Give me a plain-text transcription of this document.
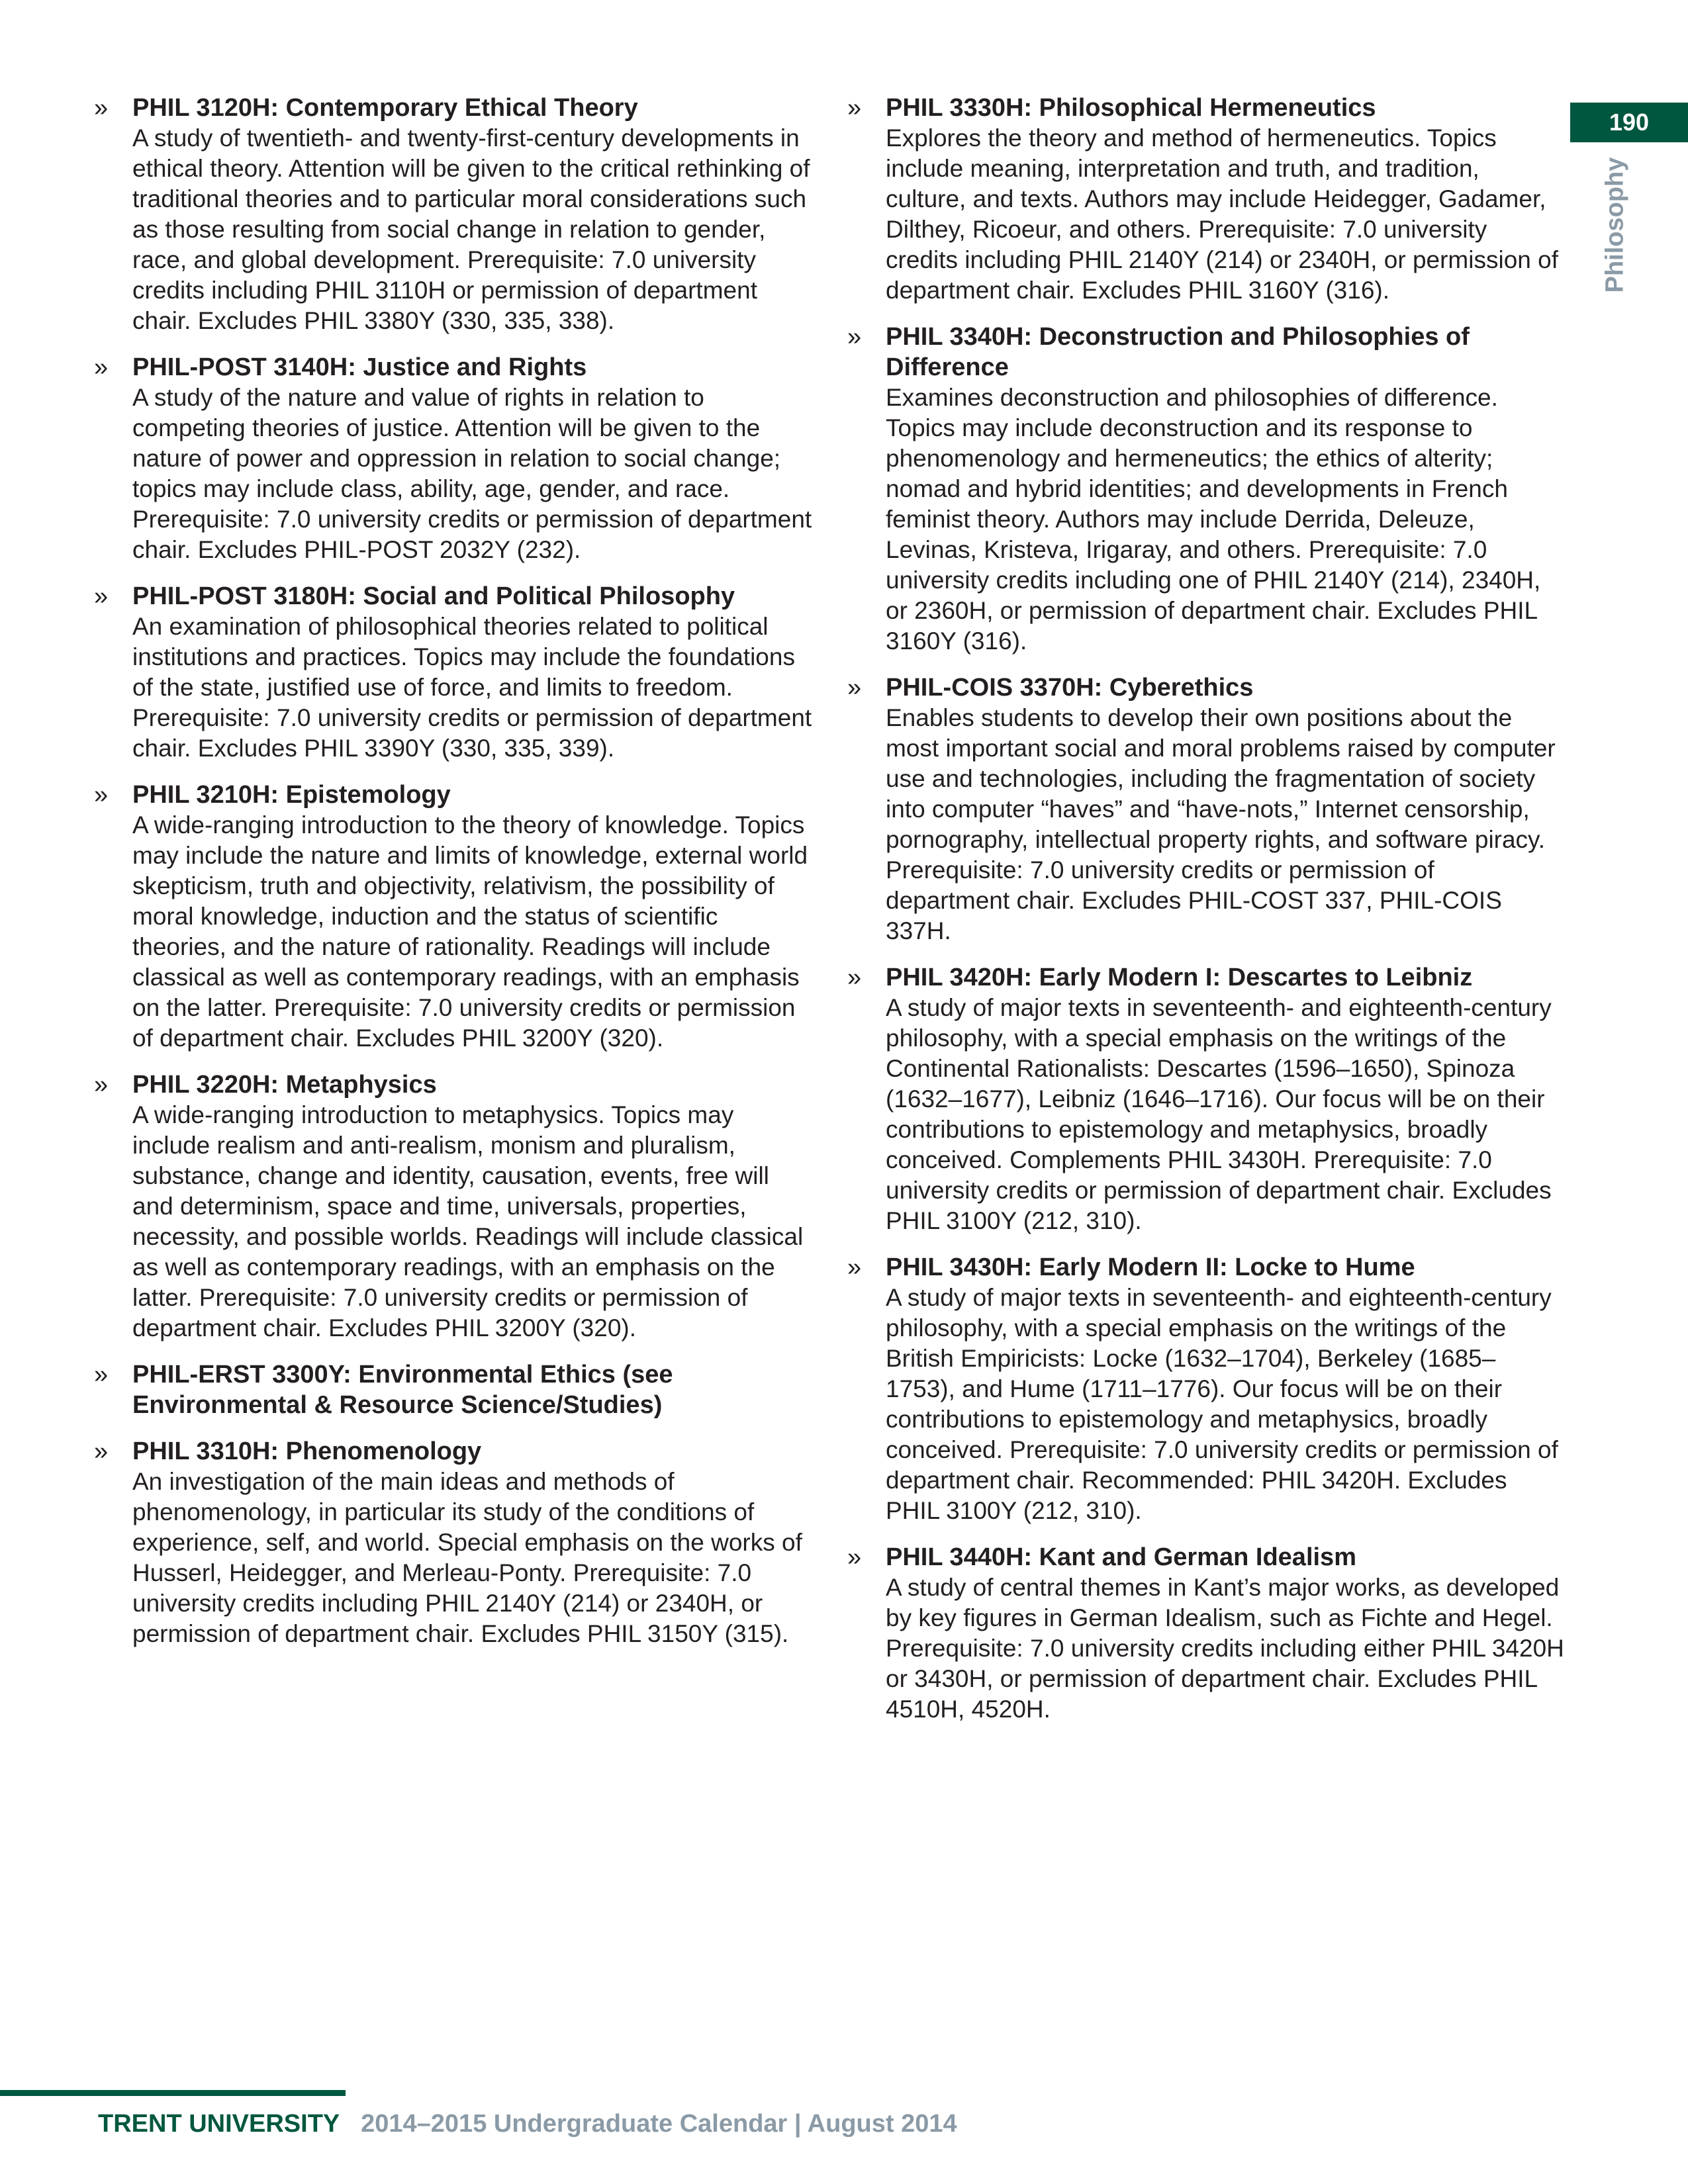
190
Philosophy
» PHIL 3120H: Contemporary Ethical Theory
A study of twentieth- and twenty-first-century developments in ethical theory. Attention will be given to the critical rethinking of traditional theories and to particular moral considerations such as those resulting from social change in relation to gender, race, and global development. Prerequisite: 7.0 university credits including PHIL 3110H or permission of department chair. Excludes PHIL 3380Y (330, 335, 338).
» PHIL-POST 3140H: Justice and Rights
A study of the nature and value of rights in relation to competing theories of justice. Attention will be given to the nature of power and oppression in relation to social change; topics may include class, ability, age, gender, and race. Prerequisite: 7.0 university credits or permission of department chair. Excludes PHIL-POST 2032Y (232).
» PHIL-POST 3180H: Social and Political Philosophy
An examination of philosophical theories related to political institutions and practices. Topics may include the foundations of the state, justified use of force, and limits to freedom. Prerequisite: 7.0 university credits or permission of department chair. Excludes PHIL 3390Y (330, 335, 339).
» PHIL 3210H: Epistemology
A wide-ranging introduction to the theory of knowledge. Topics may include the nature and limits of knowledge, external world skepticism, truth and objectivity, relativism, the possibility of moral knowledge, induction and the status of scientific theories, and the nature of rationality. Readings will include classical as well as contemporary readings, with an emphasis on the latter. Prerequisite: 7.0 university credits or permission of department chair. Excludes PHIL 3200Y (320).
» PHIL 3220H: Metaphysics
A wide-ranging introduction to metaphysics. Topics may include realism and anti-realism, monism and pluralism, substance, change and identity, causation, events, free will and determinism, space and time, universals, properties, necessity, and possible worlds. Readings will include classical as well as contemporary readings, with an emphasis on the latter. Prerequisite: 7.0 university credits or permission of department chair. Excludes PHIL 3200Y (320).
» PHIL-ERST 3300Y: Environmental Ethics (see Environmental & Resource Science/Studies)
» PHIL 3310H: Phenomenology
An investigation of the main ideas and methods of phenomenology, in particular its study of the conditions of experience, self, and world. Special emphasis on the works of Husserl, Heidegger, and Merleau-Ponty. Prerequisite: 7.0 university credits including PHIL 2140Y (214) or 2340H, or permission of department chair. Excludes PHIL 3150Y (315).
» PHIL 3330H: Philosophical Hermeneutics
Explores the theory and method of hermeneutics. Topics include meaning, interpretation and truth, and tradition, culture, and texts. Authors may include Heidegger, Gadamer, Dilthey, Ricoeur, and others. Prerequisite: 7.0 university credits including PHIL 2140Y (214) or 2340H, or permission of department chair. Excludes PHIL 3160Y (316).
» PHIL 3340H: Deconstruction and Philosophies of Difference
Examines deconstruction and philosophies of difference. Topics may include deconstruction and its response to phenomenology and hermeneutics; the ethics of alterity; nomad and hybrid identities; and developments in French feminist theory. Authors may include Derrida, Deleuze, Levinas, Kristeva, Irigaray, and others. Prerequisite: 7.0 university credits including one of PHIL 2140Y (214), 2340H, or 2360H, or permission of department chair. Excludes PHIL 3160Y (316).
» PHIL-COIS 3370H: Cyberethics
Enables students to develop their own positions about the most important social and moral problems raised by computer use and technologies, including the fragmentation of society into computer “haves” and “have-nots,” Internet censorship, pornography, intellectual property rights, and software piracy. Prerequisite: 7.0 university credits or permission of department chair. Excludes PHIL-COST 337, PHIL-COIS 337H.
» PHIL 3420H: Early Modern I: Descartes to Leibniz
A study of major texts in seventeenth- and eighteenth-century philosophy, with a special emphasis on the writings of the Continental Rationalists: Descartes (1596–1650), Spinoza (1632–1677), Leibniz (1646–1716). Our focus will be on their contributions to epistemology and metaphysics, broadly conceived. Complements PHIL 3430H. Prerequisite: 7.0 university credits or permission of department chair. Excludes PHIL 3100Y (212, 310).
» PHIL 3430H: Early Modern II: Locke to Hume
A study of major texts in seventeenth- and eighteenth-century philosophy, with a special emphasis on the writings of the British Empiricists: Locke (1632–1704), Berkeley (1685–1753), and Hume (1711–1776). Our focus will be on their contributions to epistemology and metaphysics, broadly conceived. Prerequisite: 7.0 university credits or permission of department chair. Recommended: PHIL 3420H. Excludes PHIL 3100Y (212, 310).
» PHIL 3440H: Kant and German Idealism
A study of central themes in Kant’s major works, as developed by key figures in German Idealism, such as Fichte and Hegel. Prerequisite: 7.0 university credits including either PHIL 3420H or 3430H, or permission of department chair. Excludes PHIL 4510H, 4520H.
TRENT UNIVERSITY 2014–2015 Undergraduate Calendar | August 2014
